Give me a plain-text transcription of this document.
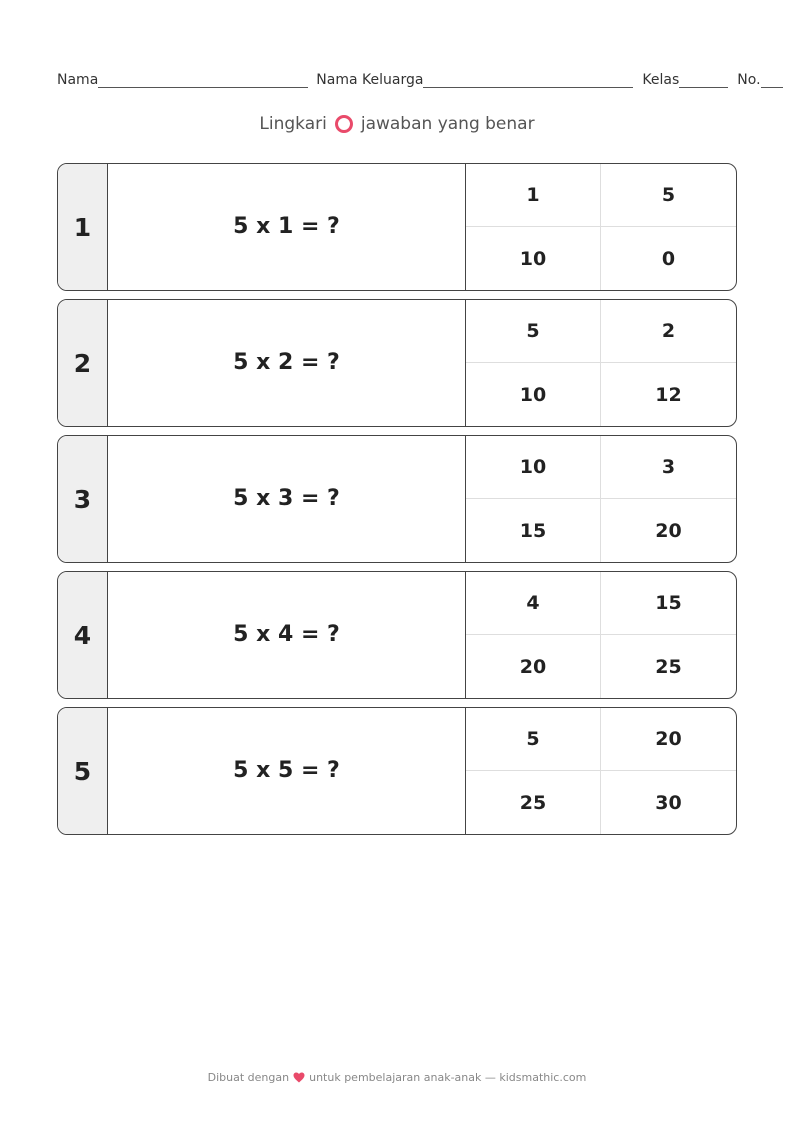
Nama	Nama Keluarga	Kelas	No.
Lingkari jawaban yang benar
1	5 x 1 = ?
1	5
10	0
2	5 x 2 = ?
5	2
10	12
3	5 x 3 = ?
10	3
15	20
4	5 x 4 = ?
4	15
20	25
5	5 x 5 = ?
5	20
25	30
Dibuat dengan untuk pembelajaran anak-anak — kidsmathic.com
